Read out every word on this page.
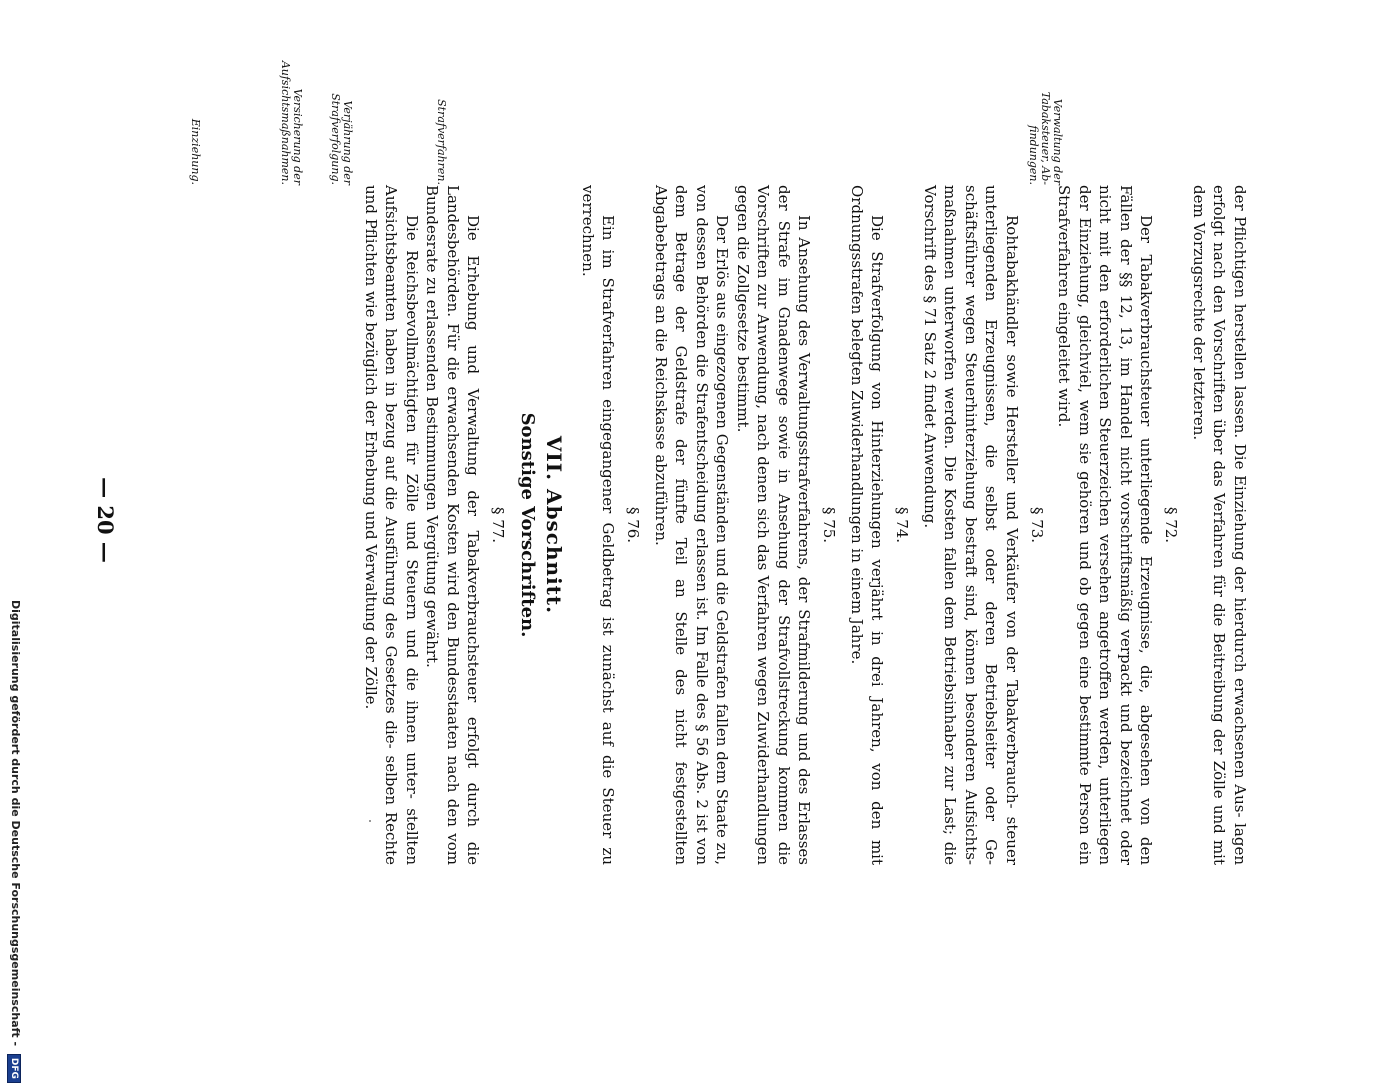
— 20 —
Einziehung.	Versicherung der Aufsichtsmaßnahmen.	Verjährung der Strafverfolgung.	Strafverfahren.	Verwaltung der Tabaksteuer, Ab- findungen.

der Pflichtigen herstellen lassen. Die Einziehung der hierdurch erwachsenen Aus- lagen erfolgt nach den Vorschriften über das Verfahren für die Beitreibung der Zölle und mit dem Vorzugsrechte der letzteren.

§ 72.

Der Tabakverbrauchsteuer unterliegende Erzeugnisse, die, abgesehen von den Fällen der §§ 12, 13, im Handel nicht vorschriftsmäßig verpackt und bezeichnet oder nicht mit den erforderlichen Steuerzeichen versehen angetroffen werden, unterliegen der Einziehung, gleichviel, wem sie gehören und ob gegen eine bestimmte Person ein Strafverfahren eingeleitet wird.

§ 73.

Rohtabakhändler sowie Hersteller und Verkäufer von der Tabakverbrauch- steuer unterliegenden Erzeugnissen, die selbst oder deren Betriebsleiter oder Ge- schäftsführer wegen Steuerhinterziehung bestraft sind, können besonderen Aufsichts- maßnahmen unterworfen werden. Die Kosten fallen dem Betriebsinhaber zur Last; die Vorschrift des § 71 Satz 2 findet Anwendung.

§ 74.

Die Strafverfolgung von Hinterziehungen verjährt in drei Jahren, von den mit Ordnungsstrafen belegten Zuwiderhandlungen in einem Jahre.

§ 75.

In Ansehung des Verwaltungsstrafverfahrens, der Strafmilderung und des Erlasses der Strafe im Gnadenwege sowie in Ansehung der Strafvollstreckung kommen die Vorschriften zur Anwendung, nach denen sich das Verfahren wegen Zuwiderhandlungen gegen die Zollgesetze bestimmt.

Der Erlös aus eingezogenen Gegenständen und die Geldstrafen fallen dem Staate zu, von dessen Behörden die Strafentscheidung erlassen ist. Im Falle des § 56 Abs. 2 ist von dem Betrage der Geldstrafe der fünfte Teil an Stelle des nicht festgestellten Abgabebetrags an die Reichskasse abzuführen.

§ 76.

Ein im Strafverfahren eingegangener Geldbetrag ist zunächst auf die Steuer zu verrechnen.

VII. Abschnitt.
Sonstige Vorschriften.
§ 77.

Die Erhebung und Verwaltung der Tabakverbrauchsteuer erfolgt durch die Landesbehörden. Für die erwachsenden Kosten wird den Bundesstaaten nach den vom Bundesrate zu erlassenden Bestimmungen Vergütung gewährt.

Die Reichsbevollmächtigten für Zölle und Steuern und die ihnen unter- stellten Aufsichtsbeamten haben in bezug auf die Ausführung des Gesetzes die- selben Rechte und Pflichten wie bezüglich der Erhebung und Verwaltung der Zölle.

Digitalisierung gefördert durch die Deutsche Forschungsgemeinschaft - DFG
